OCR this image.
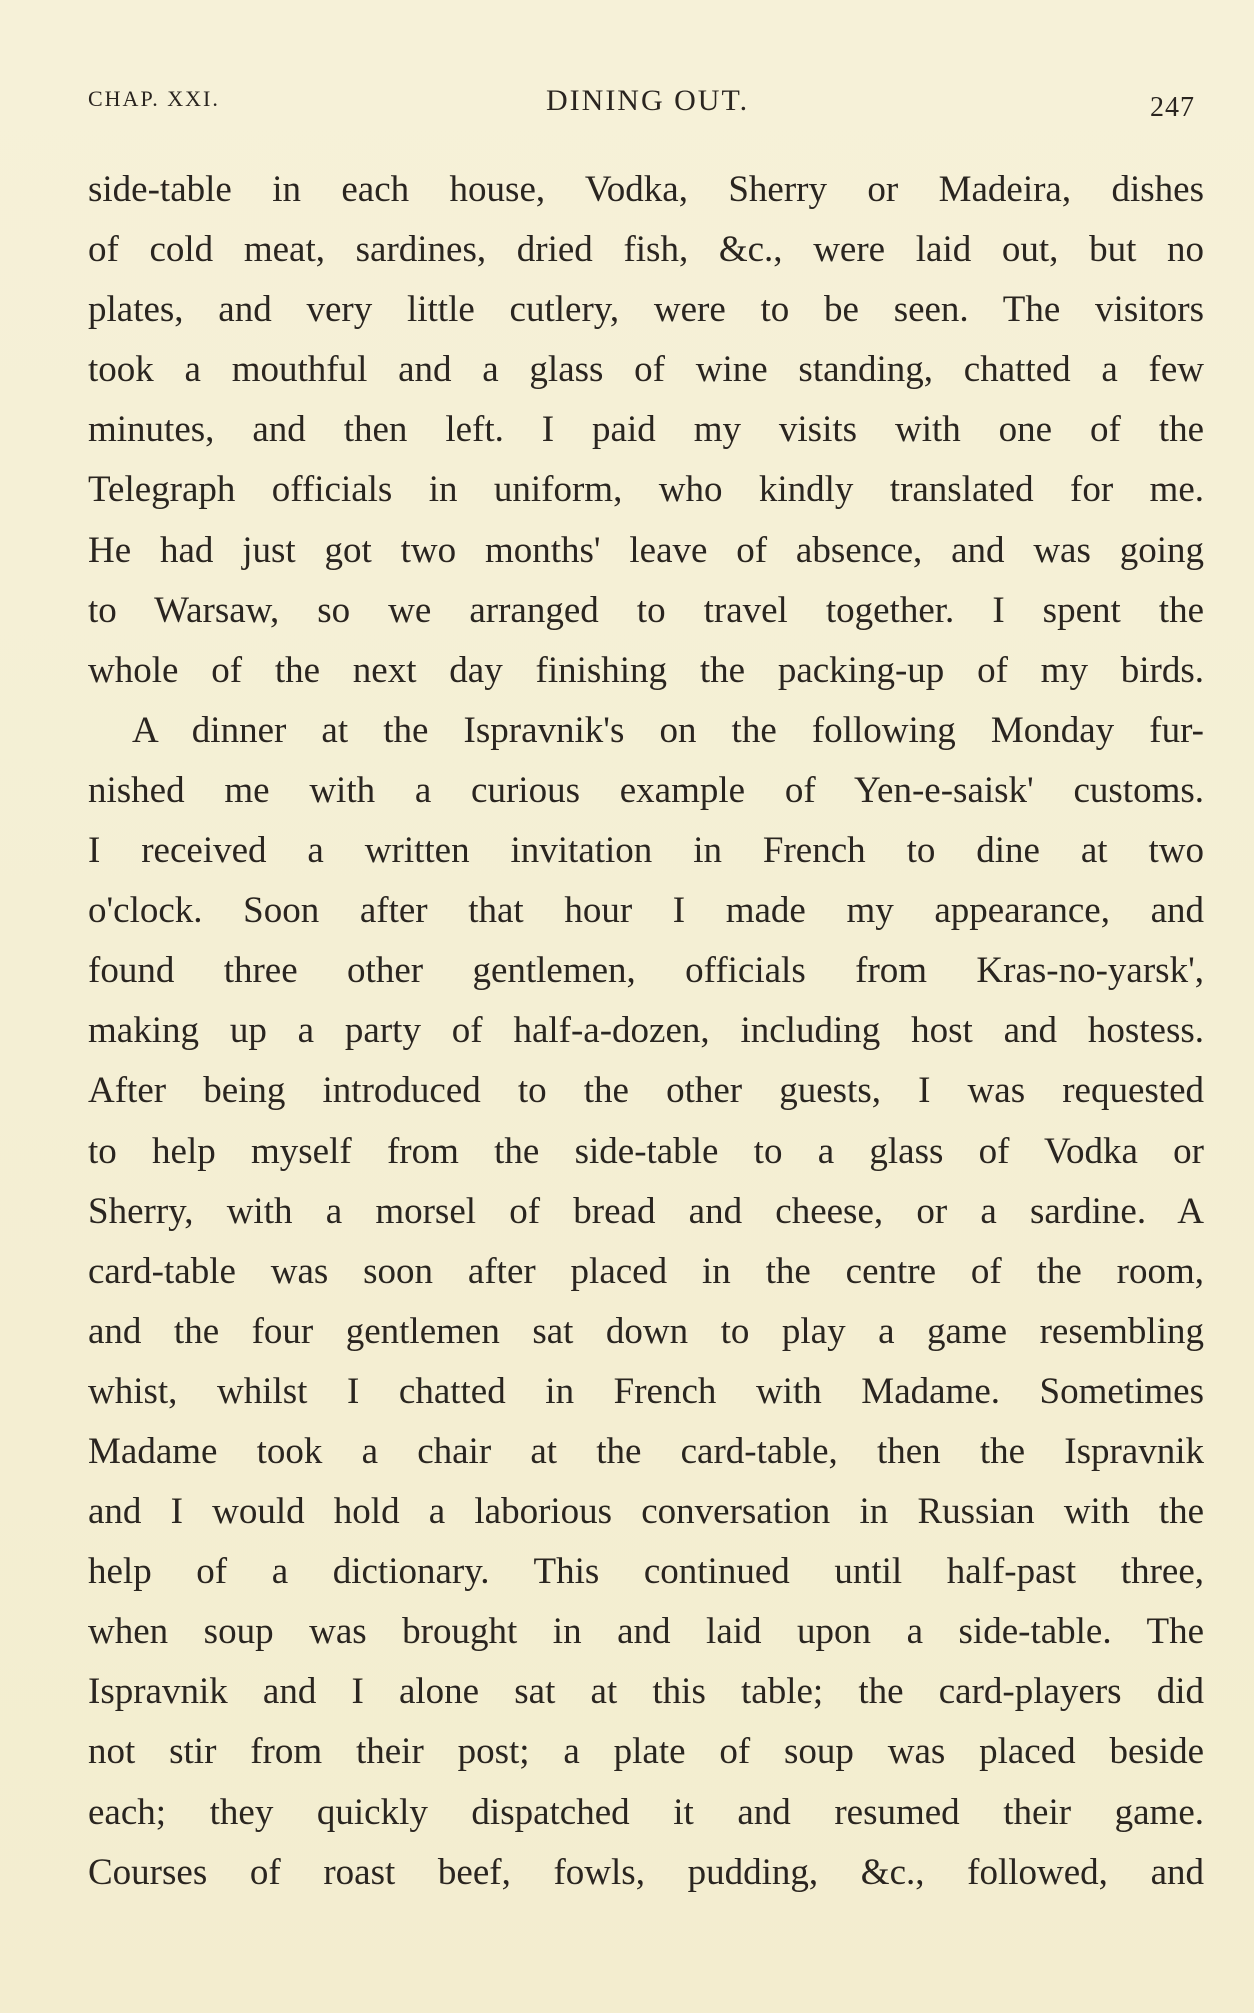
CHAP. XXI.	DINING OUT.	247
side-table in each house, Vodka, Sherry or Madeira, dishes
of cold meat, sardines, dried fish, &c., were laid out, but no
plates, and very little cutlery, were to be seen. The visitors
took a mouthful and a glass of wine standing, chatted a few
minutes, and then left. I paid my visits with one of the
Telegraph officials in uniform, who kindly translated for me.
He had just got two months' leave of absence, and was going
to Warsaw, so we arranged to travel together. I spent the
whole of the next day finishing the packing-up of my birds.
A dinner at the Ispravnik's on the following Monday fur-
nished me with a curious example of Yen-e-saisk' customs.
I received a written invitation in French to dine at two
o'clock. Soon after that hour I made my appearance, and
found three other gentlemen, officials from Kras-no-yarsk',
making up a party of half-a-dozen, including host and hostess.
After being introduced to the other guests, I was requested
to help myself from the side-table to a glass of Vodka or
Sherry, with a morsel of bread and cheese, or a sardine. A
card-table was soon after placed in the centre of the room,
and the four gentlemen sat down to play a game resembling
whist, whilst I chatted in French with Madame. Sometimes
Madame took a chair at the card-table, then the Ispravnik
and I would hold a laborious conversation in Russian with the
help of a dictionary. This continued until half-past three,
when soup was brought in and laid upon a side-table. The
Ispravnik and I alone sat at this table; the card-players did
not stir from their post; a plate of soup was placed beside
each; they quickly dispatched it and resumed their game.
Courses of roast beef, fowls, pudding, &c., followed, and
